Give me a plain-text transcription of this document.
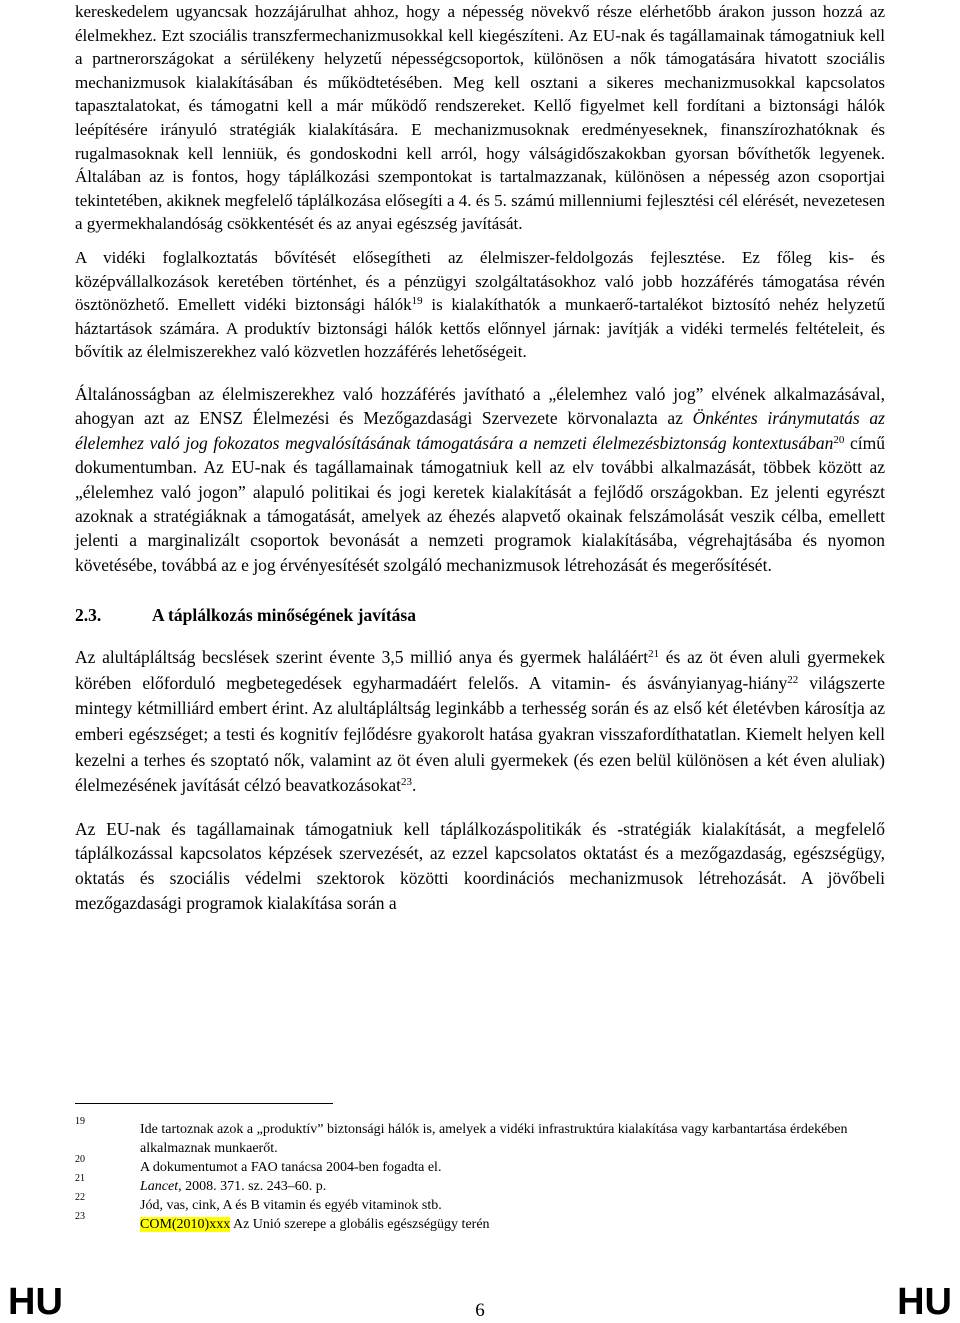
kereskedelem ugyancsak hozzájárulhat ahhoz, hogy a népesség növekvő része elérhetőbb árakon jusson hozzá az élelmekhez. Ezt szociális transzfermechanizmusokkal kell kiegészíteni. Az EU-nak és tagállamainak támogatniuk kell a partnerországokat a sérülékeny helyzetű népességcsoportok, különösen a nők támogatására hivatott szociális mechanizmusok kialakításában és működtetésében. Meg kell osztani a sikeres mechanizmusokkal kapcsolatos tapasztalatokat, és támogatni kell a már működő rendszereket. Kellő figyelmet kell fordítani a biztonsági hálók leépítésére irányuló stratégiák kialakítására. E mechanizmusoknak eredményeseknek, finanszírozhatóknak és rugalmasoknak kell lenniük, és gondoskodni kell arról, hogy válságidőszakokban gyorsan bővíthetők legyenek. Általában az is fontos, hogy táplálkozási szempontokat is tartalmazzanak, különösen a népesség azon csoportjai tekintetében, akiknek megfelelő táplálkozása elősegíti a 4. és 5. számú millenniumi fejlesztési cél elérését, nevezetesen a gyermekhalandóság csökkentését és az anyai egészség javítását.

A vidéki foglalkoztatás bővítését elősegítheti az élelmiszer-feldolgozás fejlesztése. Ez főleg kis- és középvállalkozások keretében történhet, és a pénzügyi szolgáltatásokhoz való jobb hozzáférés támogatása révén ösztönözhető. Emellett vidéki biztonsági hálók$^{19}$ is kialakíthatók a munkaerő-tartalékot biztosító nehéz helyzetű háztartások számára. A produktív biztonsági hálók kettős előnnyel járnak: javítják a vidéki termelés feltételeit, és bővítik az élelmiszerekhez való közvetlen hozzáférés lehetőségeit.

Általánosságban az élelmiszerekhez való hozzáférés javítható a „élelemhez való jog” elvének alkalmazásával, ahogyan azt az ENSZ Élelmezési és Mezőgazdasági Szervezete körvonalazta az Önkéntes iránymutatás az élelemhez való jog fokozatos megvalósításának támogatására a nemzeti élelmezésbiztonság kontextusában$^{20}$ című dokumentumban. Az EU-nak és tagállamainak támogatniuk kell az elv további alkalmazását, többek között az „élelemhez való jogon” alapuló politikai és jogi keretek kialakítását a fejlődő országokban. Ez jelenti egyrészt azoknak a stratégiáknak a támogatását, amelyek az éhezés alapvető okainak felszámolását veszik célba, emellett jelenti a marginalizált csoportok bevonását a nemzeti programok kialakításába, végrehajtásába és nyomon követésébe, továbbá az e jog érvényesítését szolgáló mechanizmusok létrehozását és megerősítését.

2.3.	A táplálkozás minőségének javítása

Az alultápláltság becslések szerint évente 3,5 millió anya és gyermek haláláért$^{21}$ és az öt éven aluli gyermekek körében előforduló megbetegedések egyharmadáért felelős. A vitamin- és ásványianyag-hiány$^{22}$ világszerte mintegy kétmilliárd embert érint. Az alultápláltság leginkább a terhesség során és az első két életévben károsítja az emberi egészséget; a testi és kognitív fejlődésre gyakorolt hatása gyakran visszafordíthatatlan. Kiemelt helyen kell kezelni a terhes és szoptató nők, valamint az öt éven aluli gyermekek (és ezen belül különösen a két éven aluliak) élelmezésének javítását célzó beavatkozásokat$^{23}$.

Az EU-nak és tagállamainak támogatniuk kell táplálkozáspolitikák és -stratégiák kialakítását, a megfelelő táplálkozással kapcsolatos képzések szervezését, az ezzel kapcsolatos oktatást és a mezőgazdaság, egészségügy, oktatás és szociális védelmi szektorok közötti koordinációs mechanizmusok létrehozását. A jövőbeli mezőgazdasági programok kialakítása során a

19
Ide tartoznak azok a „produktív” biztonsági hálók is, amelyek a vidéki infrastruktúra kialakítása vagy karbantartása érdekében alkalmaznak munkaerőt.
20
A dokumentumot a FAO tanácsa 2004-ben fogadta el.
21
Lancet, 2008. 371. sz. 243–60. p.
22
Jód, vas, cink, A és B vitamin és egyéb vitaminok stb.
23
COM(2010)xxx Az Unió szerepe a globális egészségügy terén
HU	6	HU
